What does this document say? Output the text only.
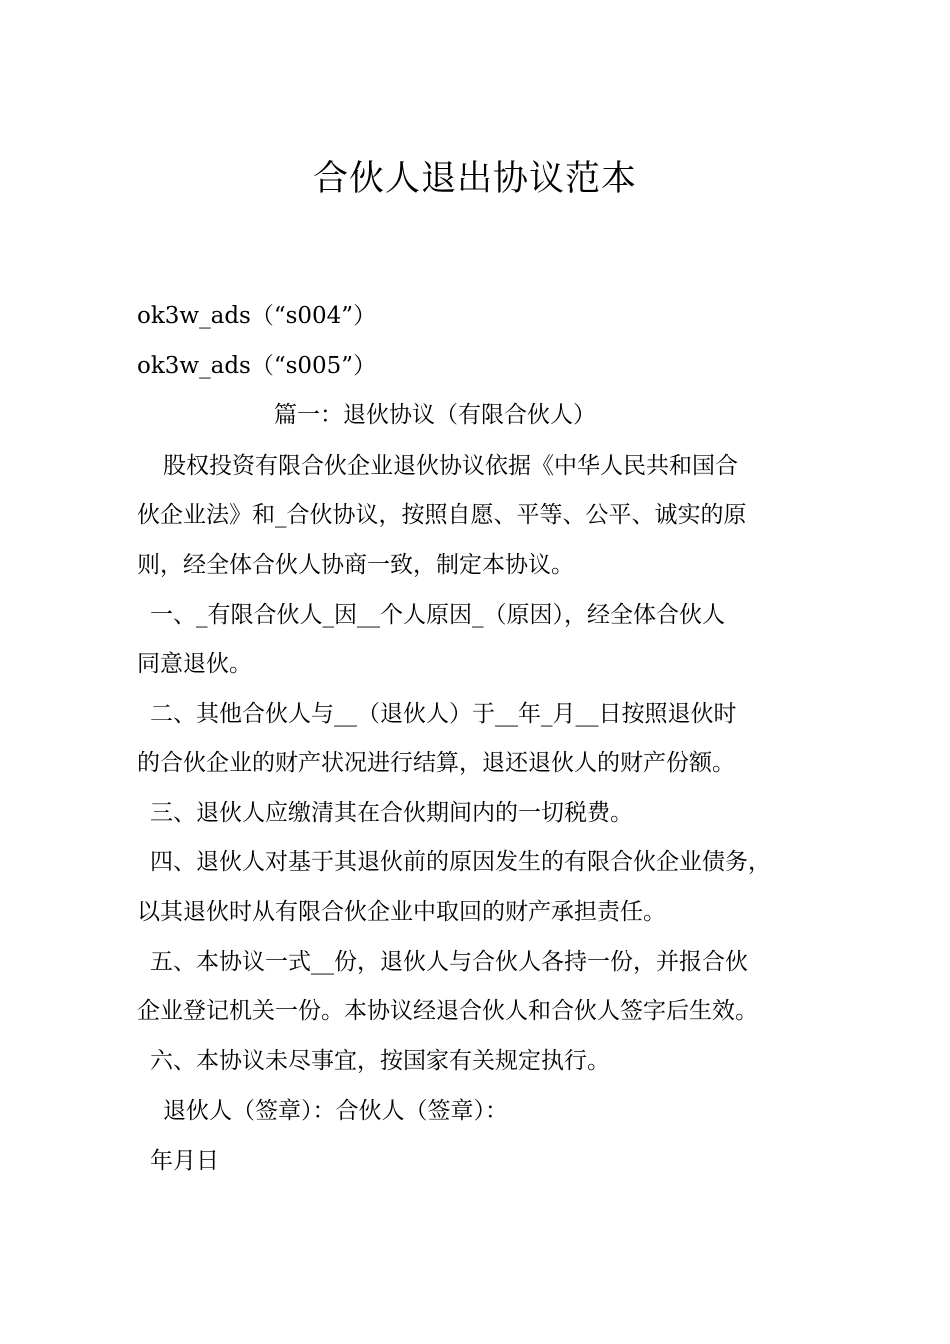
合伙人退出协议范本
ok3w_ads（“s004”）
ok3w_ads（“s005”）
篇一：退伙协议（有限合伙人）
股权投资有限合伙企业退伙协议依据《中华人民共和国合
伙企业法》和_合伙协议，按照自愿、平等、公平、诚实的原
则，经全体合伙人协商一致，制定本协议。
一、_有限合伙人_因__个人原因_（原因），经全体合伙人
同意退伙。
二、其他合伙人与__（退伙人）于__年_月__日按照退伙时
的合伙企业的财产状况进行结算，退还退伙人的财产份额。
三、退伙人应缴清其在合伙期间内的一切税费。
四、退伙人对基于其退伙前的原因发生的有限合伙企业债务，
以其退伙时从有限合伙企业中取回的财产承担责任。
五、本协议一式__份，退伙人与合伙人各持一份，并报合伙
企业登记机关一份。本协议经退合伙人和合伙人签字后生效。
六、本协议未尽事宜，按国家有关规定执行。
退伙人（签章）：合伙人（签章）：
年月日
